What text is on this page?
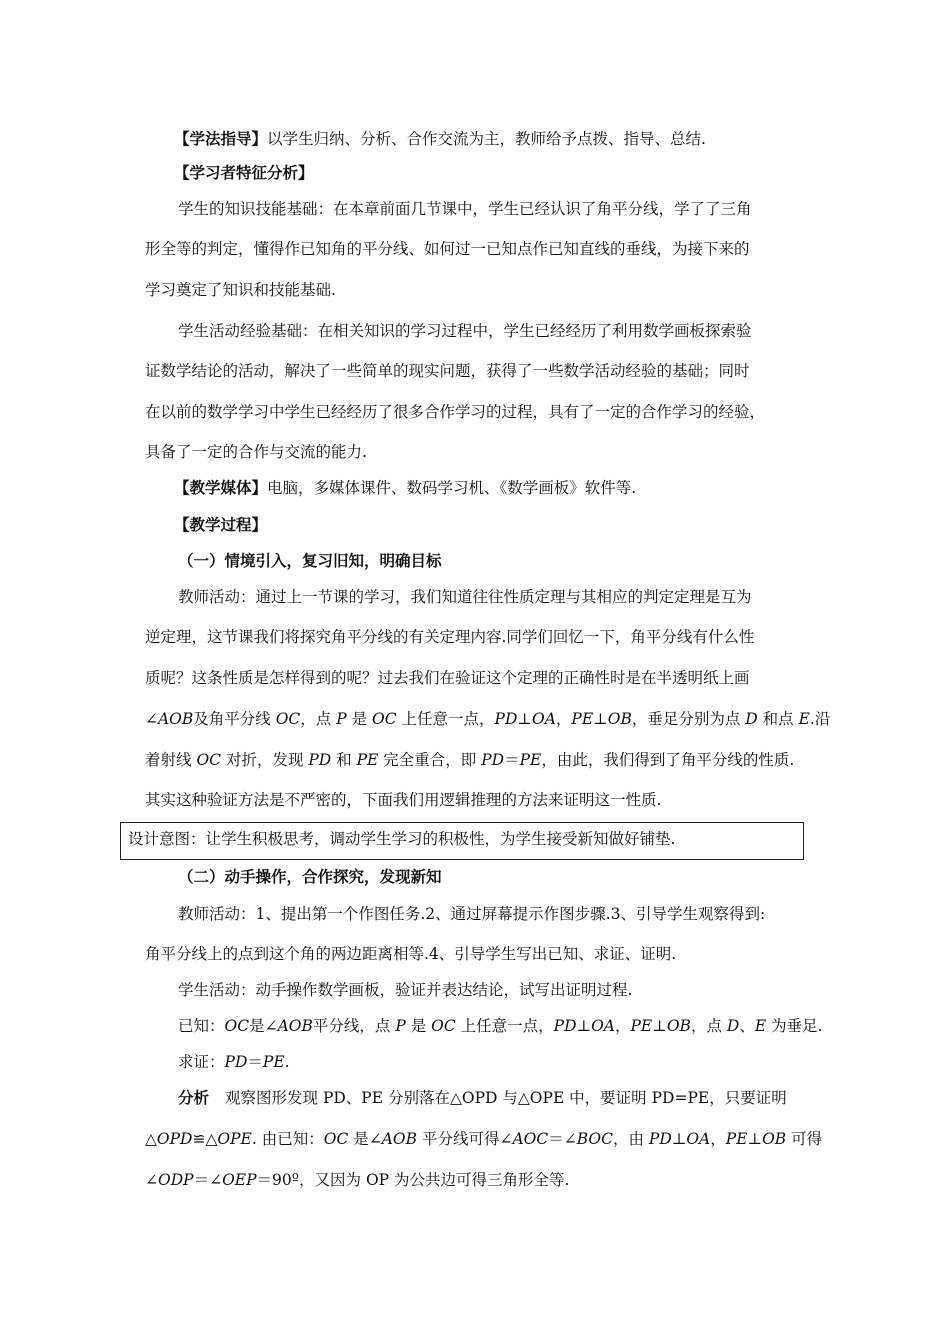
【学法指导】以学生归纳、分析、合作交流为主，教师给予点拨、指导、总结.
【学习者特征分析】
学生的知识技能基础：在本章前面几节课中，学生已经认识了角平分线，学了了三角
形全等的判定，懂得作已知角的平分线、如何过一已知点作已知直线的垂线，为接下来的
学习奠定了知识和技能基础.
学生活动经验基础：在相关知识的学习过程中，学生已经经历了利用数学画板探索验
证数学结论的活动，解决了一些简单的现实问题，获得了一些数学活动经验的基础；同时
在以前的数学学习中学生已经经历了很多合作学习的过程，具有了一定的合作学习的经验，
具备了一定的合作与交流的能力.
【教学媒体】电脑，多媒体课件、数码学习机、《数学画板》软件等.
【教学过程】
（一）情境引入，复习旧知，明确目标
教师活动：通过上一节课的学习，我们知道往往性质定理与其相应的判定定理是互为
逆定理，这节课我们将探究角平分线的有关定理内容.同学们回忆一下，角平分线有什么性
质呢？这条性质是怎样得到的呢？过去我们在验证这个定理的正确性时是在半透明纸上画
∠AOB及角平分线 OC，点 P 是 OC 上任意一点，PD⊥OA，PE⊥OB，垂足分别为点 D 和点 E.沿
着射线 OC 对折，发现 PD 和 PE 完全重合，即 PD＝PE，由此，我们得到了角平分线的性质.
其实这种验证方法是不严密的，下面我们用逻辑推理的方法来证明这一性质.
设计意图：让学生积极思考，调动学生学习的积极性，为学生接受新知做好铺垫.
（二）动手操作，合作探究，发现新知
教师活动：1、提出第一个作图任务.2、通过屏幕提示作图步骤.3、引导学生观察得到:
角平分线上的点到这个角的两边距离相等.4、引导学生写出已知、求证、证明.
学生活动：动手操作数学画板，验证并表达结论，试写出证明过程.
已知：OC是∠AOB平分线，点 P 是 OC 上任意一点，PD⊥OA，PE⊥OB，点 D、E 为垂足.
求证：PD＝PE.
分析 观察图形发现 PD、PE 分别落在△OPD 与△OPE 中，要证明 PD=PE，只要证明
△OPD≌△OPE. 由已知：OC 是∠AOB 平分线可得∠AOC＝∠BOC，由 PD⊥OA，PE⊥OB 可得
∠ODP＝∠OEP＝90º，又因为 OP 为公共边可得三角形全等.
